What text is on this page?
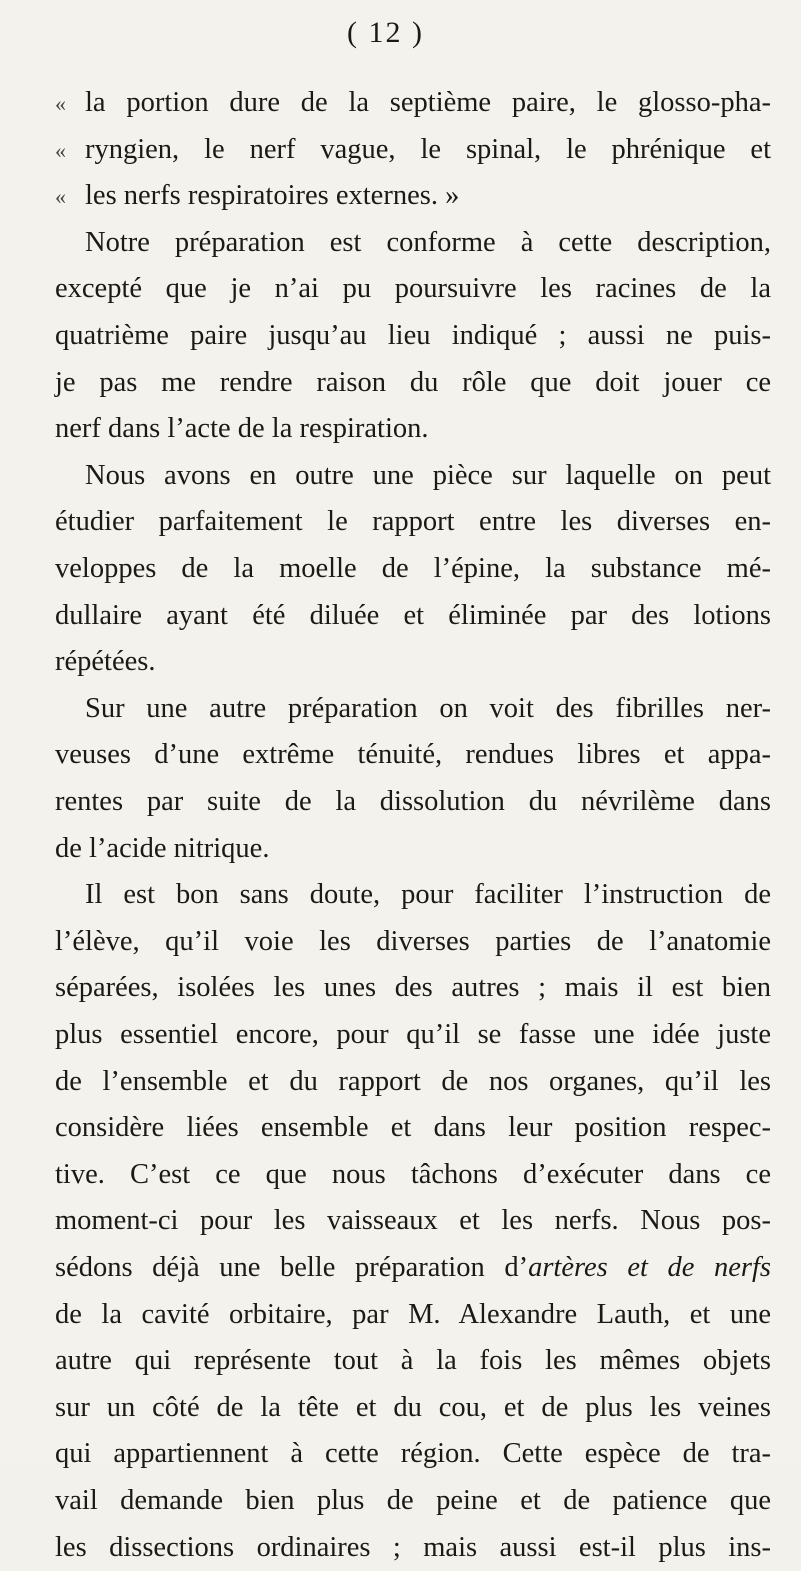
( 12 )
« la portion dure de la septième paire, le glosso-pha-
« ryngien, le nerf vague, le spinal, le phrénique et
« les nerfs respiratoires externes. »
Notre préparation est conforme à cette description,
excepté que je n’ai pu poursuivre les racines de la
quatrième paire jusqu’au lieu indiqué ; aussi ne puis-
je pas me rendre raison du rôle que doit jouer ce
nerf dans l’acte de la respiration.
Nous avons en outre une pièce sur laquelle on peut
étudier parfaitement le rapport entre les diverses en-
veloppes de la moelle de l’épine, la substance mé-
dullaire ayant été diluée et éliminée par des lotions
répétées.
Sur une autre préparation on voit des fibrilles ner-
veuses d’une extrême ténuité, rendues libres et appa-
rentes par suite de la dissolution du névrilème dans
de l’acide nitrique.
Il est bon sans doute, pour faciliter l’instruction de
l’élève, qu’il voie les diverses parties de l’anatomie
séparées, isolées les unes des autres ; mais il est bien
plus essentiel encore, pour qu’il se fasse une idée juste
de l’ensemble et du rapport de nos organes, qu’il les
considère liées ensemble et dans leur position respec-
tive. C’est ce que nous tâchons d’exécuter dans ce
moment-ci pour les vaisseaux et les nerfs. Nous pos-
sédons déjà une belle préparation d’artères et de nerfs
de la cavité orbitaire, par M. Alexandre Lauth, et une
autre qui représente tout à la fois les mêmes objets
sur un côté de la tête et du cou, et de plus les veines
qui appartiennent à cette région. Cette espèce de tra-
vail demande bien plus de peine et de patience que
les dissections ordinaires ; mais aussi est-il plus ins-
